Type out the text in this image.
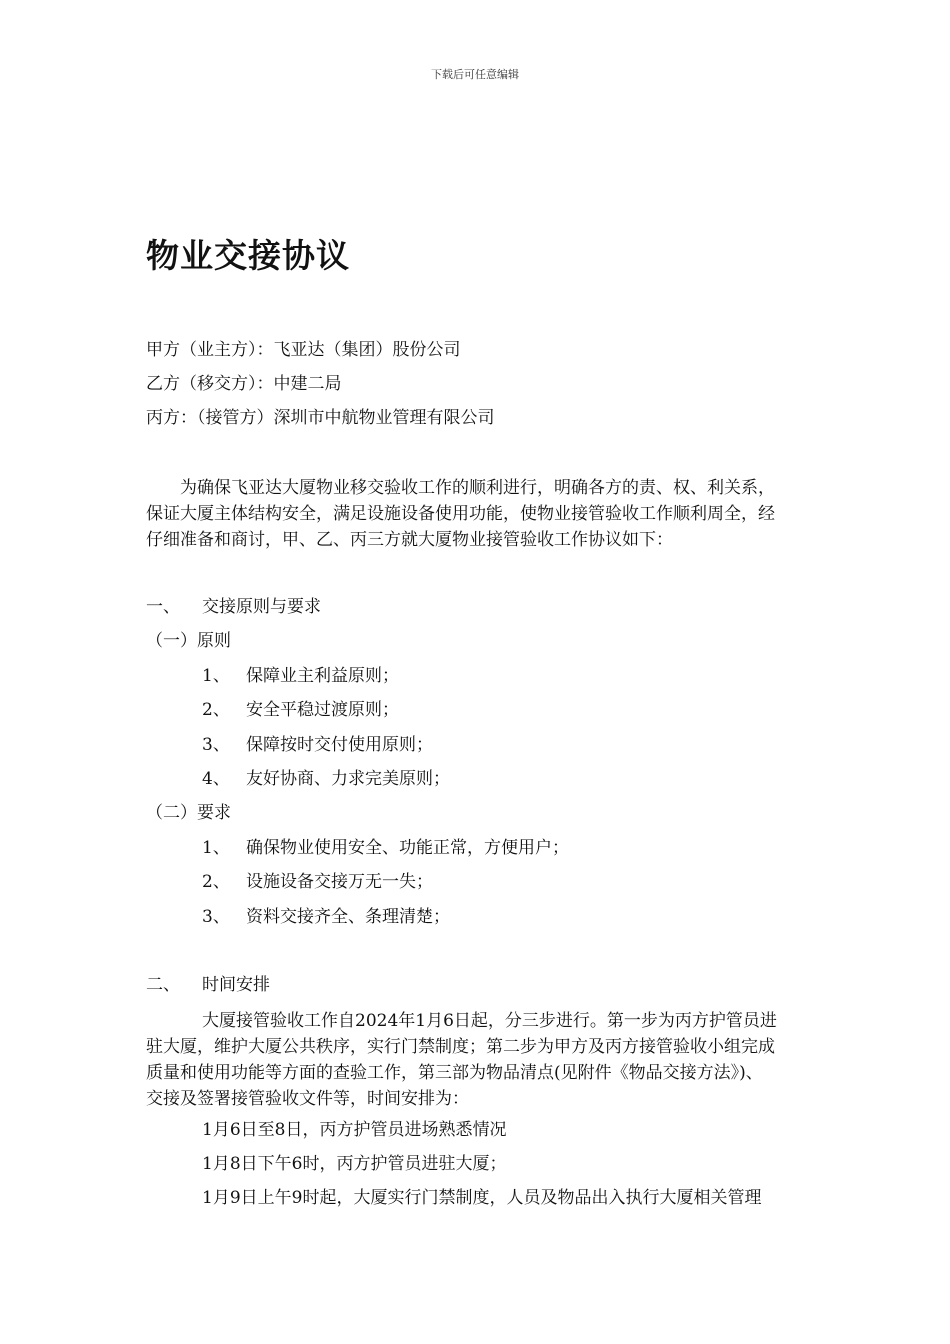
下载后可任意编辑
物业交接协议
甲方（业主方）：飞亚达（集团）股份公司
乙方（移交方）：中建二局
丙方：（接管方）深圳市中航物业管理有限公司
为确保飞亚达大厦物业移交验收工作的顺利进行，明确各方的责、权、利关系，
保证大厦主体结构安全，满足设施设备使用功能，使物业接管验收工作顺利周全，经
仔细准备和商讨，甲、乙、丙三方就大厦物业接管验收工作协议如下：
一、 交接原则与要求
（一）原则
1、 保障业主利益原则；
2、 安全平稳过渡原则；
3、 保障按时交付使用原则；
4、 友好协商、力求完美原则；
（二）要求
1、 确保物业使用安全、功能正常，方便用户；
2、 设施设备交接万无一失；
3、 资料交接齐全、条理清楚；
二、 时间安排
大厦接管验收工作自2024年1月6日起，分三步进行。第一步为丙方护管员进
驻大厦，维护大厦公共秩序，实行门禁制度；第二步为甲方及丙方接管验收小组完成
质量和使用功能等方面的查验工作，第三部为物品清点(见附件《物品交接方法》)、
交接及签署接管验收文件等，时间安排为：
1月6日至8日，丙方护管员进场熟悉情况
1月8日下午6时，丙方护管员进驻大厦；
1月9日上午9时起，大厦实行门禁制度，人员及物品出入执行大厦相关管理
